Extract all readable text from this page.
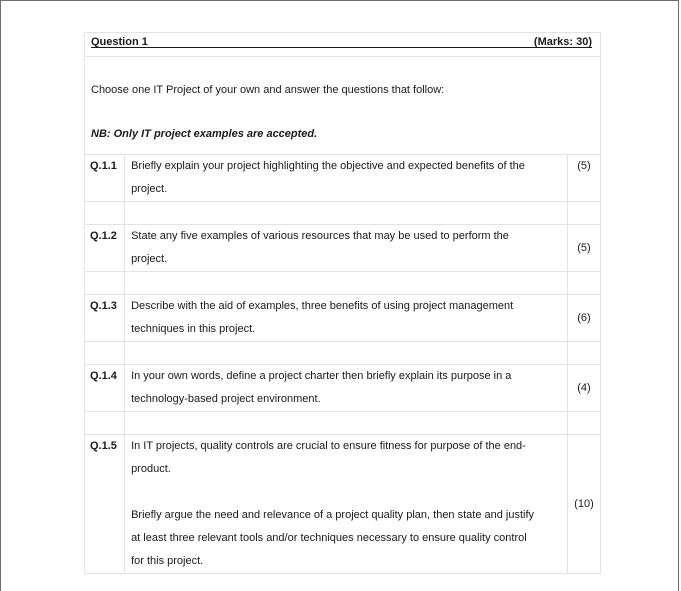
Question 1	(Marks: 30)
Choose one IT Project of your own and answer the questions that follow:
NB: Only IT project examples are accepted.
Q.1.1	Briefly explain your project highlighting the objective and expected benefits of the
project.	(5)

Q.1.2	State any five examples of various resources that may be used to perform the
project.	(5)

Q.1.3	Describe with the aid of examples, three benefits of using project management
techniques in this project.	(6)

Q.1.4	In your own words, define a project charter then briefly explain its purpose in a
technology-based project environment.	(4)

Q.1.5	In IT projects, quality controls are crucial to ensure fitness for purpose of the end-
product.
Briefly argue the need and relevance of a project quality plan, then state and justify
at least three relevant tools and/or techniques necessary to ensure quality control
for this project.	(10)
